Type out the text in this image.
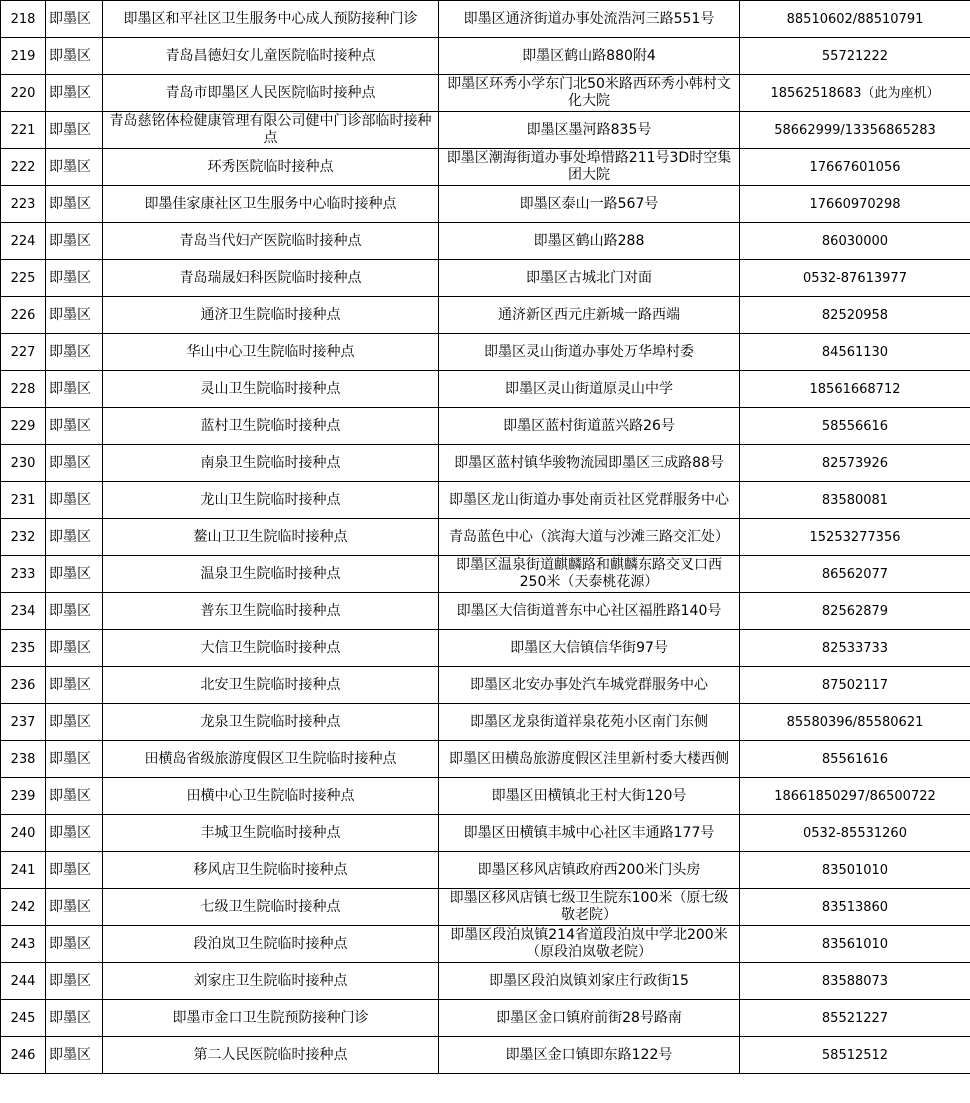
218	即墨区	即墨区和平社区卫生服务中心成人预防接种门诊	即墨区通济街道办事处流浩河三路551号	88510602/88510791
219	即墨区	青岛昌德妇女儿童医院临时接种点	即墨区鹤山路880附4	55721222
220	即墨区	青岛市即墨区人民医院临时接种点	即墨区环秀小学东门北50米路西环秀小韩村文化大院	18562518683（此为座机）
221	即墨区	青岛慈铭体检健康管理有限公司健中门诊部临时接种点	即墨区墨河路835号	58662999/13356865283
222	即墨区	环秀医院临时接种点	即墨区潮海街道办事处埠惜路211号3D时空集团大院	17667601056
223	即墨区	即墨佳家康社区卫生服务中心临时接种点	即墨区泰山一路567号	17660970298
224	即墨区	青岛当代妇产医院临时接种点	即墨区鹤山路288	86030000
225	即墨区	青岛瑞晟妇科医院临时接种点	即墨区古城北门对面	0532-87613977
226	即墨区	通济卫生院临时接种点	通济新区西元庄新城一路西端	82520958
227	即墨区	华山中心卫生院临时接种点	即墨区灵山街道办事处万华埠村委	84561130
228	即墨区	灵山卫生院临时接种点	即墨区灵山街道原灵山中学	18561668712
229	即墨区	蓝村卫生院临时接种点	即墨区蓝村街道蓝兴路26号	58556616
230	即墨区	南泉卫生院临时接种点	即墨区蓝村镇华骏物流园即墨区三成路88号	82573926
231	即墨区	龙山卫生院临时接种点	即墨区龙山街道办事处南贡社区党群服务中心	83580081
232	即墨区	鳌山卫卫生院临时接种点	青岛蓝色中心（滨海大道与沙滩三路交汇处）	15253277356
233	即墨区	温泉卫生院临时接种点	即墨区温泉街道麒麟路和麒麟东路交叉口西250米（天泰桃花源）	86562077
234	即墨区	普东卫生院临时接种点	即墨区大信街道普东中心社区福胜路140号	82562879
235	即墨区	大信卫生院临时接种点	即墨区大信镇信华街97号	82533733
236	即墨区	北安卫生院临时接种点	即墨区北安办事处汽车城党群服务中心	87502117
237	即墨区	龙泉卫生院临时接种点	即墨区龙泉街道祥泉花苑小区南门东侧	85580396/85580621
238	即墨区	田横岛省级旅游度假区卫生院临时接种点	即墨区田横岛旅游度假区洼里新村委大楼西侧	85561616
239	即墨区	田横中心卫生院临时接种点	即墨区田横镇北王村大街120号	18661850297/86500722
240	即墨区	丰城卫生院临时接种点	即墨区田横镇丰城中心社区丰通路177号	0532-85531260
241	即墨区	移风店卫生院临时接种点	即墨区移风店镇政府西200米门头房	83501010
242	即墨区	七级卫生院临时接种点	即墨区移风店镇七级卫生院东100米（原七级敬老院）	83513860
243	即墨区	段泊岚卫生院临时接种点	即墨区段泊岚镇214省道段泊岚中学北200米（原段泊岚敬老院）	83561010
244	即墨区	刘家庄卫生院临时接种点	即墨区段泊岚镇刘家庄行政街15	83588073
245	即墨区	即墨市金口卫生院预防接种门诊	即墨区金口镇府前街28号路南	85521227
246	即墨区	第二人民医院临时接种点	即墨区金口镇即东路122号	58512512
